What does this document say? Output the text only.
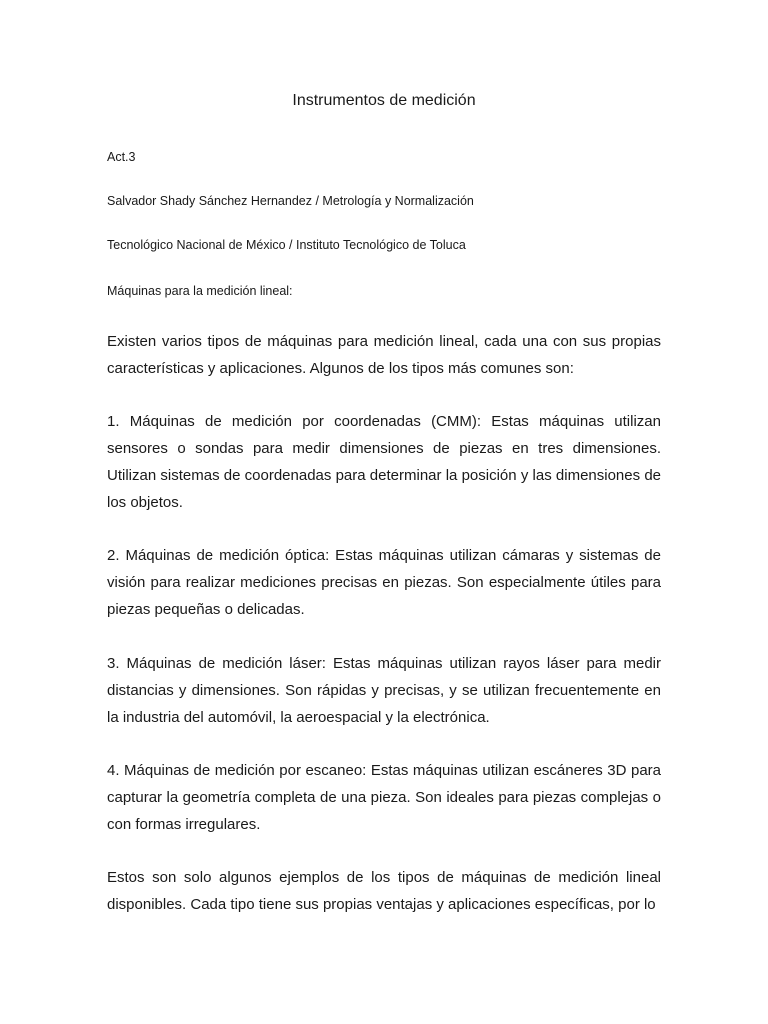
Instrumentos de medición
Act.3
Salvador Shady Sánchez Hernandez / Metrología y Normalización
Tecnológico Nacional de México / Instituto Tecnológico de Toluca
Máquinas para la medición lineal:

Existen varios tipos de máquinas para medición lineal, cada una con sus propias características y aplicaciones. Algunos de los tipos más comunes son:

1. Máquinas de medición por coordenadas (CMM): Estas máquinas utilizan sensores o sondas para medir dimensiones de piezas en tres dimensiones. Utilizan sistemas de coordenadas para determinar la posición y las dimensiones de los objetos.

2. Máquinas de medición óptica: Estas máquinas utilizan cámaras y sistemas de visión para realizar mediciones precisas en piezas. Son especialmente útiles para piezas pequeñas o delicadas.

3. Máquinas de medición láser: Estas máquinas utilizan rayos láser para medir distancias y dimensiones. Son rápidas y precisas, y se utilizan frecuentemente en la industria del automóvil, la aeroespacial y la electrónica.

4. Máquinas de medición por escaneo: Estas máquinas utilizan escáneres 3D para capturar la geometría completa de una pieza. Son ideales para piezas complejas o con formas irregulares.

Estos son solo algunos ejemplos de los tipos de máquinas de medición lineal disponibles. Cada tipo tiene sus propias ventajas y aplicaciones específicas, por lo
